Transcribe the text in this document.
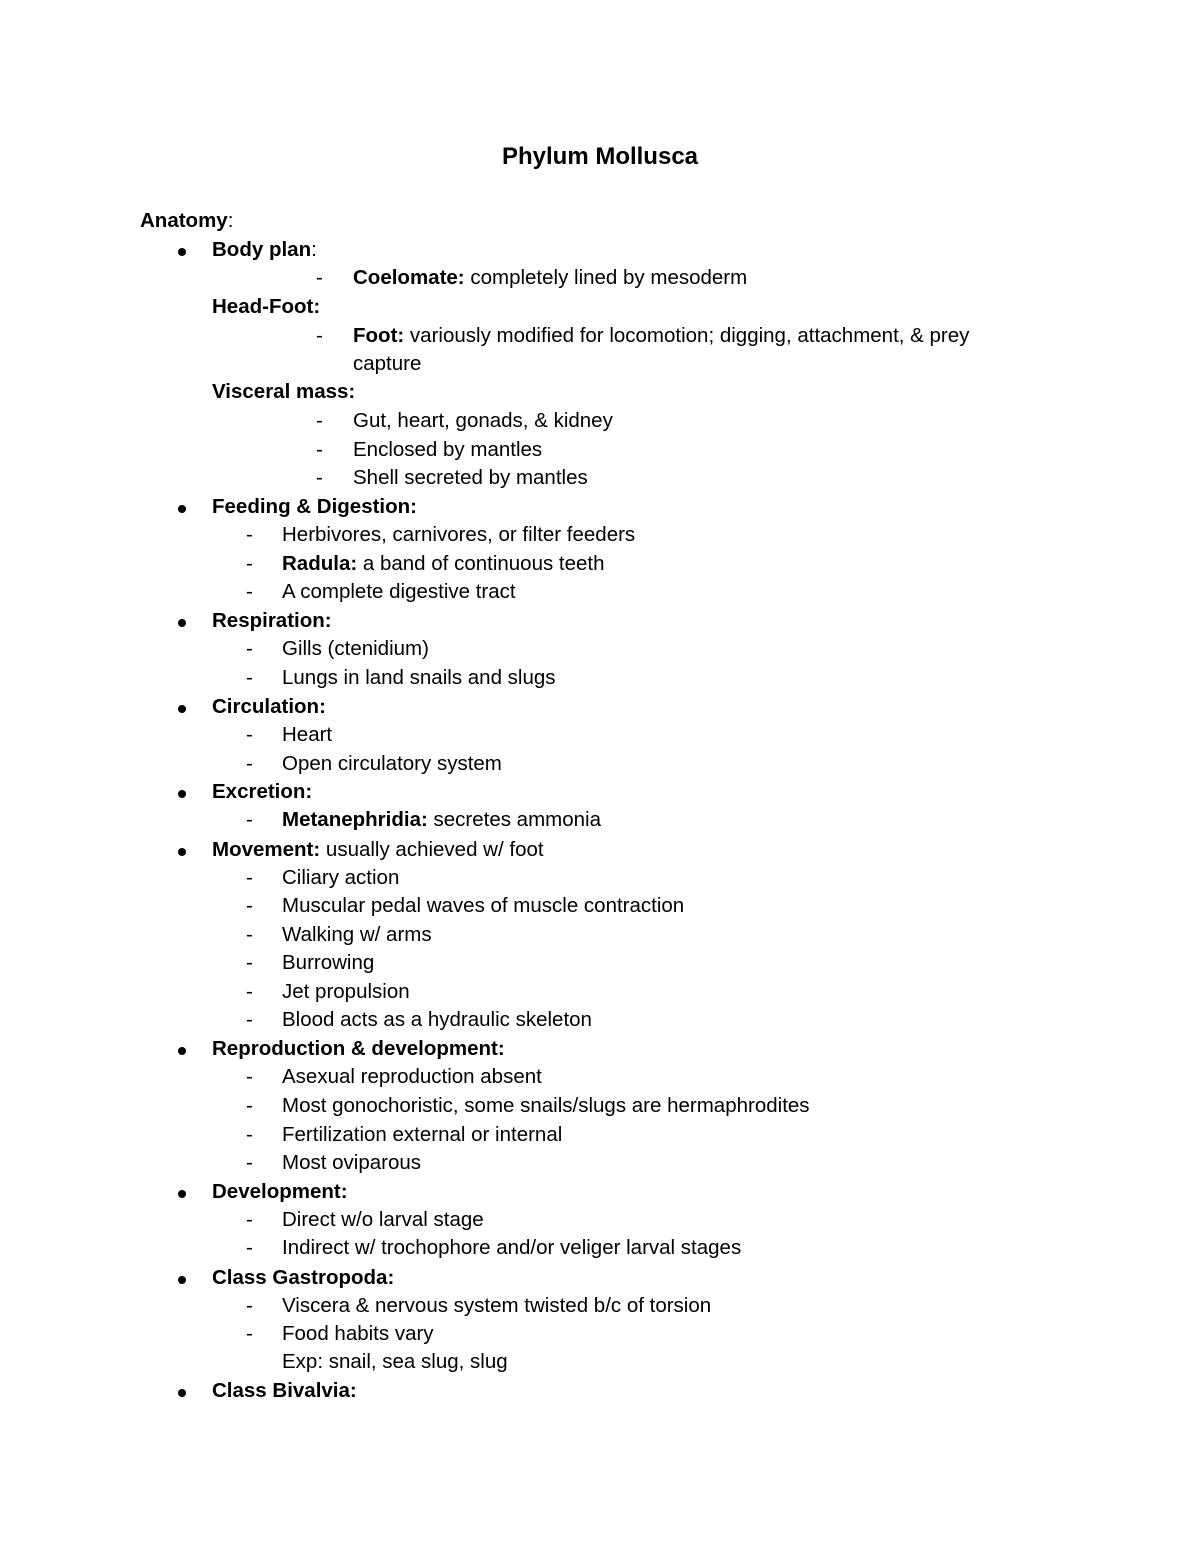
Phylum Mollusca
Anatomy:
Body plan:
- Coelomate: completely lined by mesoderm
Head-Foot:
- Foot: variously modified for locomotion; digging, attachment, & prey
capture
Visceral mass:
- Gut, heart, gonads, & kidney
- Enclosed by mantles
- Shell secreted by mantles
Feeding & Digestion:
- Herbivores, carnivores, or filter feeders
- Radula: a band of continuous teeth
- A complete digestive tract
Respiration:
- Gills (ctenidium)
- Lungs in land snails and slugs
Circulation:
- Heart
- Open circulatory system
Excretion:
- Metanephridia: secretes ammonia
Movement: usually achieved w/ foot
- Ciliary action
- Muscular pedal waves of muscle contraction
- Walking w/ arms
- Burrowing
- Jet propulsion
- Blood acts as a hydraulic skeleton
Reproduction & development:
- Asexual reproduction absent
- Most gonochoristic, some snails/slugs are hermaphrodites
- Fertilization external or internal
- Most oviparous
Development:
- Direct w/o larval stage
- Indirect w/ trochophore and/or veliger larval stages
Class Gastropoda:
- Viscera & nervous system twisted b/c of torsion
- Food habits vary
Exp: snail, sea slug, slug
Class Bivalvia:
